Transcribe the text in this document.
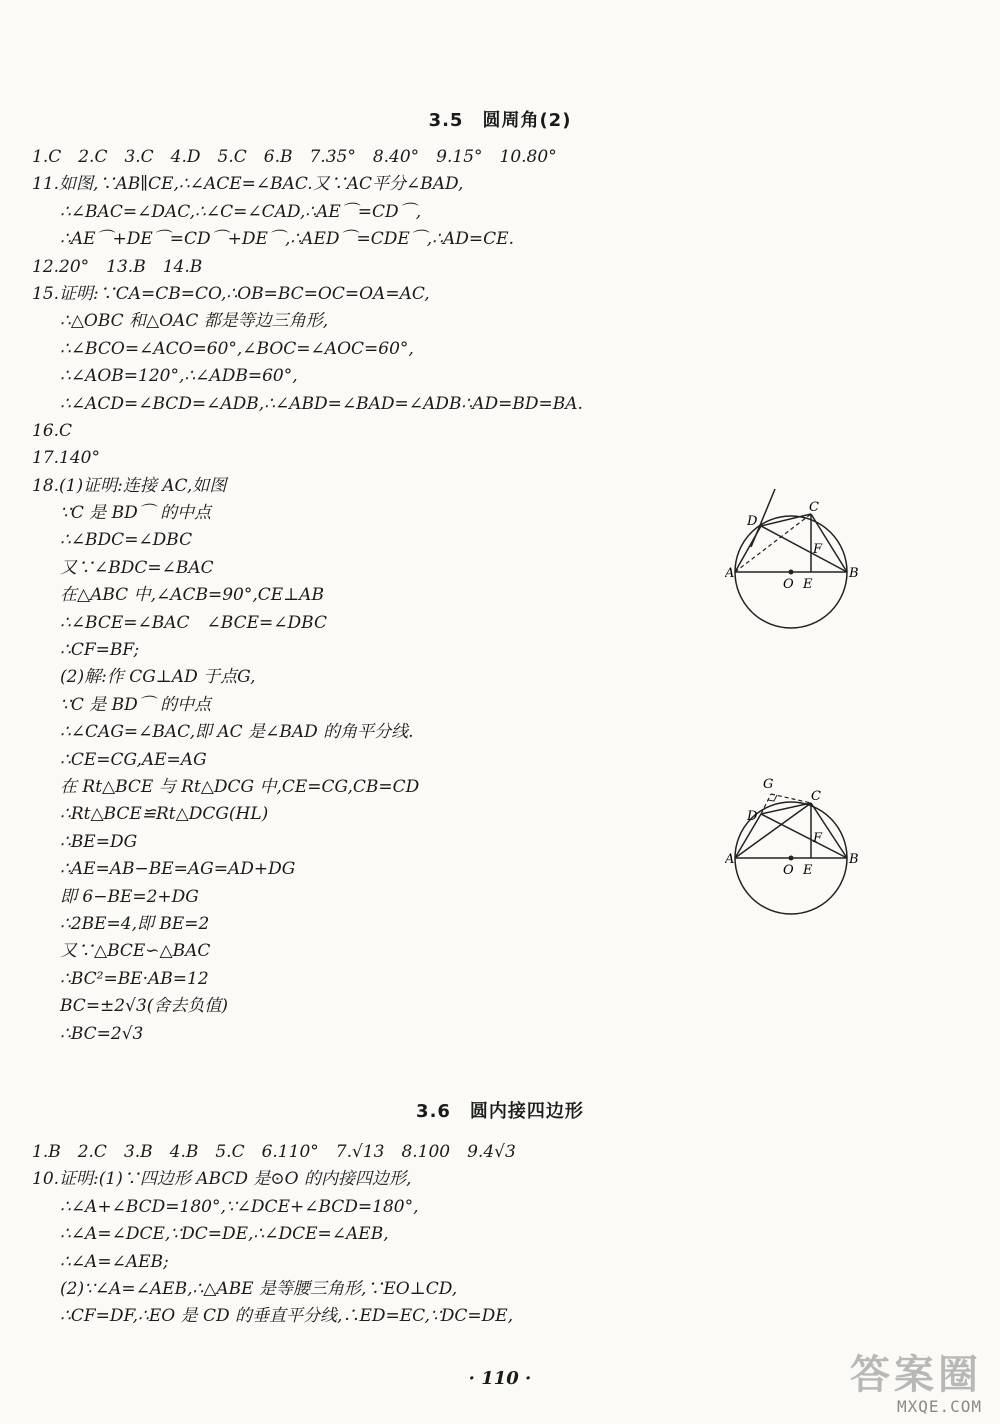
3.5　圆周角(2)
1.C　2.C　3.C　4.D　5.C　6.B　7.35°　8.40°　9.15°　10.80°
11.如图,∵AB∥CE,∴∠ACE=∠BAC.又∵AC平分∠BAD,
∴∠BAC=∠DAC,∴∠C=∠CAD,∴AE⌒=CD⌒,
∴AE⌒+DE⌒=CD⌒+DE⌒,∴AED⌒=CDE⌒,∴AD=CE.
12.20°　13.B　14.B
15.证明:∵CA=CB=CO,∴OB=BC=OC=OA=AC,
∴△OBC 和△OAC 都是等边三角形,
∴∠BCO=∠ACO=60°,∠BOC=∠AOC=60°,
∴∠AOB=120°,∴∠ADB=60°,
∴∠ACD=∠BCD=∠ADB,∴∠ABD=∠BAD=∠ADB∴AD=BD=BA.
16.C
17.140°
18.(1)证明:连接 AC,如图
∵C 是 BD⌒ 的中点
∴∠BDC=∠DBC
又∵∠BDC=∠BAC
在△ABC 中,∠ACB=90°,CE⊥AB
∴∠BCE=∠BAC　∠BCE=∠DBC
∴CF=BF;
(2)解:作 CG⊥AD 于点G,
∵C 是 BD⌒ 的中点
∴∠CAG=∠BAC,即 AC 是∠BAD 的角平分线.
∴CE=CG,AE=AG
在 Rt△BCE 与 Rt△DCG 中,CE=CG,CB=CD
∴Rt△BCE≌Rt△DCG(HL)
∴BE=DG
∴AE=AB−BE=AG=AD+DG
即 6−BE=2+DG
∴2BE=4,即 BE=2
又∵△BCE∽△BAC
∴BC²=BE·AB=12
BC=±2√3(舍去负值)
∴BC=2√3
3.6　圆内接四边形
1.B　2.C　3.B　4.B　5.C　6.110°　7.√13　8.100　9.4√3
10.证明:(1)∵四边形 ABCD 是⊙O 的内接四边形,
∴∠A+∠BCD=180°,∵∠DCE+∠BCD=180°,
∴∠A=∠DCE,∵DC=DE,∴∠DCE=∠AEB,
∴∠A=∠AEB;
(2)∵∠A=∠AEB,∴△ABE 是等腰三角形,∵EO⊥CD,
∴CF=DF,∴EO 是 CD 的垂直平分线,∴ED=EC,∵DC=DE,
A	B
C
D
E
F
O
A	B
C
D
E
F
O
G
· 110 ·	答案圈
MXQE.COM
